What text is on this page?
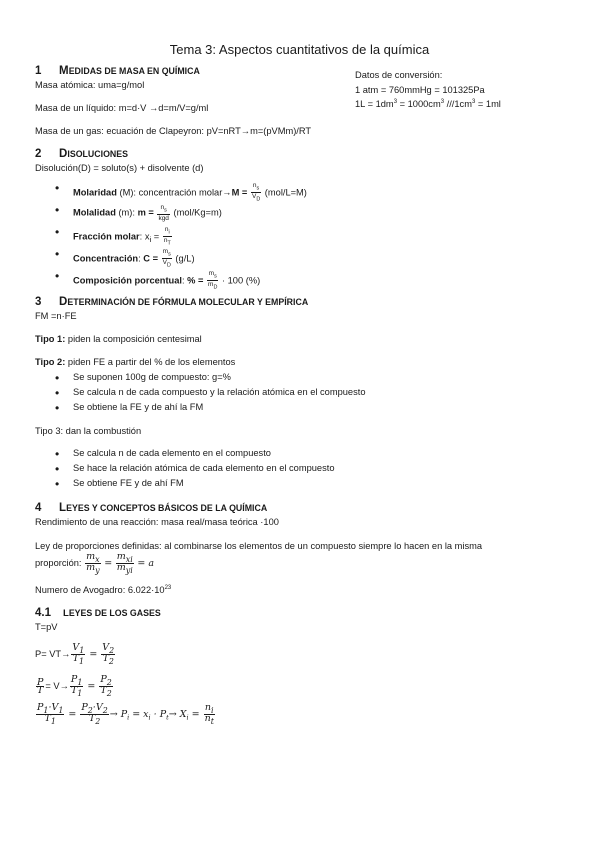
Tema 3: Aspectos cuantitativos de la química
1 MEDIDAS DE MASA EN QUÍMICA	Datos de conversión:
1 atm = 760mmHg = 101325Pa
$1L = 1dm^3 = 1000cm^3$ $///1cm^3 = 1ml$
Masa atómica: uma=g/mol
Masa de un líquido: m=d·V →d=m/V=g/ml
Masa de un gas: ecuación de Clapeyron: pV=nRT→m=(pVMm)/RT
2 DISOLUCIONES
Disolución(D) = soluto(s) + disolvente (d)
• Molaridad (M): concentración molar→M = $\frac{n_s}{V_D} (mol/L=M)$
• Molalidad (m): $m = \frac{n_s}{\text{kgd}} (mol/Kg=m)$
• Fracción molar: $x_i = \frac{n_i}{n_T}$
• Concentración: $C = \frac{m_s}{V_D} (g/L)$
• Composición porcentual: % = $\frac{m_s}{m_D} \cdot 100$ (%)
3 DETERMINACIÓN DE FÓRMULA MOLECULAR Y EMPÍRICA
FM =n·FE
Tipo 1: piden la composición centesimal
Tipo 2: piden FE a partir del % de los elementos
• Se suponen 100g de compuesto: g=%
• Se calcula n de cada compuesto y la relación atómica en el compuesto
• Se obtiene la FE y de ahí la FM
Tipo 3: dan la combustión
• Se calcula n de cada elemento en el compuesto
• Se hace la relación atómica de cada elemento en el compuesto
• Se obtiene FE y de ahí FM
4 LEYES Y CONCEPTOS BÁSICOS DE LA QUÍMICA
Rendimiento de una reacción: masa real/masa teórica ·100
Ley de proporciones definidas: al combinarse los elementos de un compuesto siempre lo hacen en la misma
proporción: $\frac{m_x}{m_y} = \frac{m_{xi}}{m_{yi}} = a$
Numero de Avogadro: $6.022\cdot 10^{23}$
4.1 LEYES DE LOS GASES
T=pV
$P= VT\to \frac{V_1}{T_1} = \frac{V_2}{T_2}$
$\frac{P}{T} = V\to \frac{P_1}{T_1} = \frac{P_2}{T_2}$
$\frac{P_1\cdot V_1}{T_1} = \frac{P_2\cdot V_2}{T_2} \to P_i = x_i \cdot P_t\to X_i = \frac{n_i}{n_t}$
